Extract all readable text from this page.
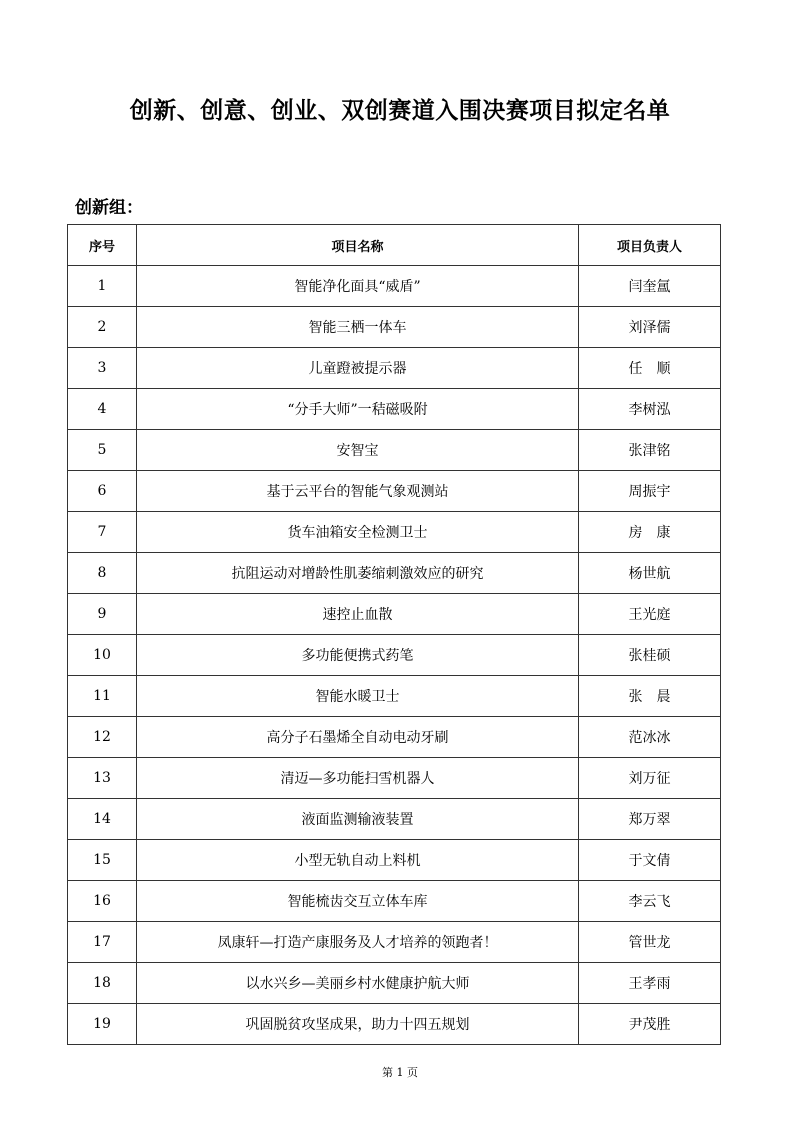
创新、创意、创业、双创赛道入围决赛项目拟定名单
创新组：
序号	项目名称	项目负责人
1	智能净化面具“威盾”	闫奎氲
2	智能三栖一体车	刘泽儒
3	儿童蹬被提示器	任　顺
4	“分手大师”一秸磁吸附	李树泓
5	安智宝	张津铭
6	基于云平台的智能气象观测站	周振宇
7	货车油箱安全检测卫士	房　康
8	抗阻运动对增龄性肌萎缩刺激效应的研究	杨世航
9	速控止血散	王光庭
10	多功能便携式药笔	张桂硕
11	智能水暖卫士	张　晨
12	高分子石墨烯全自动电动牙刷	范冰冰
13	清迈—多功能扫雪机器人	刘万征
14	液面监测输液装置	郑万翠
15	小型无轨自动上料机	于文倩
16	智能梳齿交互立体车库	李云飞
17	凤康轩—打造产康服务及人才培养的领跑者！	管世龙
18	以水兴乡—美丽乡村水健康护航大师	王孝雨
19	巩固脱贫攻坚成果，助力十四五规划	尹茂胜
第 1 页
